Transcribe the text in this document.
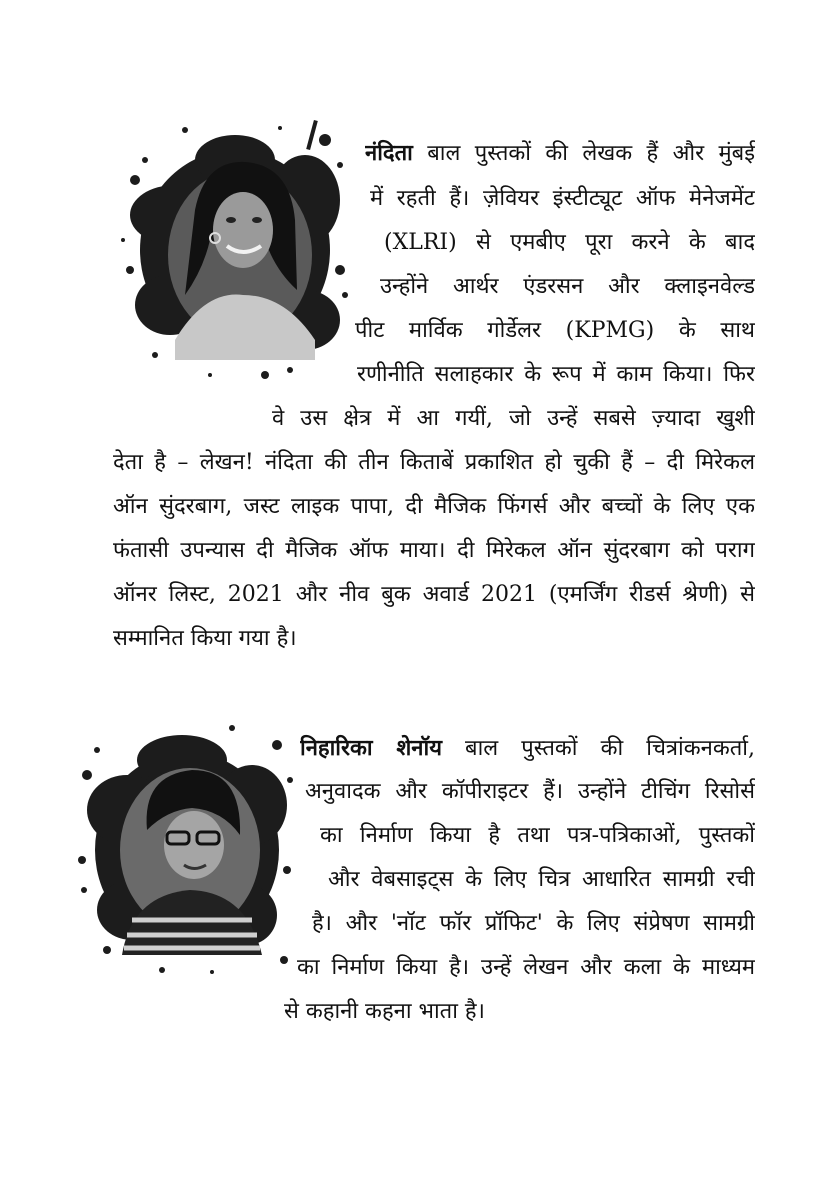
नंदिता बाल पुस्तकों की लेखक हैं और मुंबई
में रहती हैं। ज़ेवियर इंस्टीट्यूट ऑफ मेनेजमेंट
(XLRI) से एमबीए पूरा करने के बाद
उन्होंने आर्थर एंडरसन और क्लाइनवेल्ड
पीट मार्विक गोर्डेलर (KPMG) के साथ
रणीनीति सलाहकार के रूप में काम किया। फिर
वे उस क्षेत्र में आ गयीं, जो उन्हें सबसे ज़्यादा खुशी
देता है – लेखन! नंदिता की तीन किताबें प्रकाशित हो चुकी हैं – दी मिरेकल
ऑन सुंदरबाग, जस्ट लाइक पापा, दी मैजिक फिंगर्स और बच्चों के लिए एक
फंतासी उपन्यास दी मैजिक ऑफ माया। दी मिरेकल ऑन सुंदरबाग को पराग
ऑनर लिस्ट, 2021 और नीव बुक अवार्ड 2021 (एमर्जिंग रीडर्स श्रेणी) से
सम्मानित किया गया है।
निहारिका शेनॉय बाल पुस्तकों की चित्रांकनकर्ता,
अनुवादक और कॉपीराइटर हैं। उन्होंने टीचिंग रिसोर्स
का निर्माण किया है तथा पत्र-पत्रिकाओं, पुस्तकों
और वेबसाइट्स के लिए चित्र आधारित सामग्री रची
है। और 'नॉट फॉर प्रॉफिट' के लिए संप्रेषण सामग्री
का निर्माण किया है। उन्हें लेखन और कला के माध्यम
से कहानी कहना भाता है।
